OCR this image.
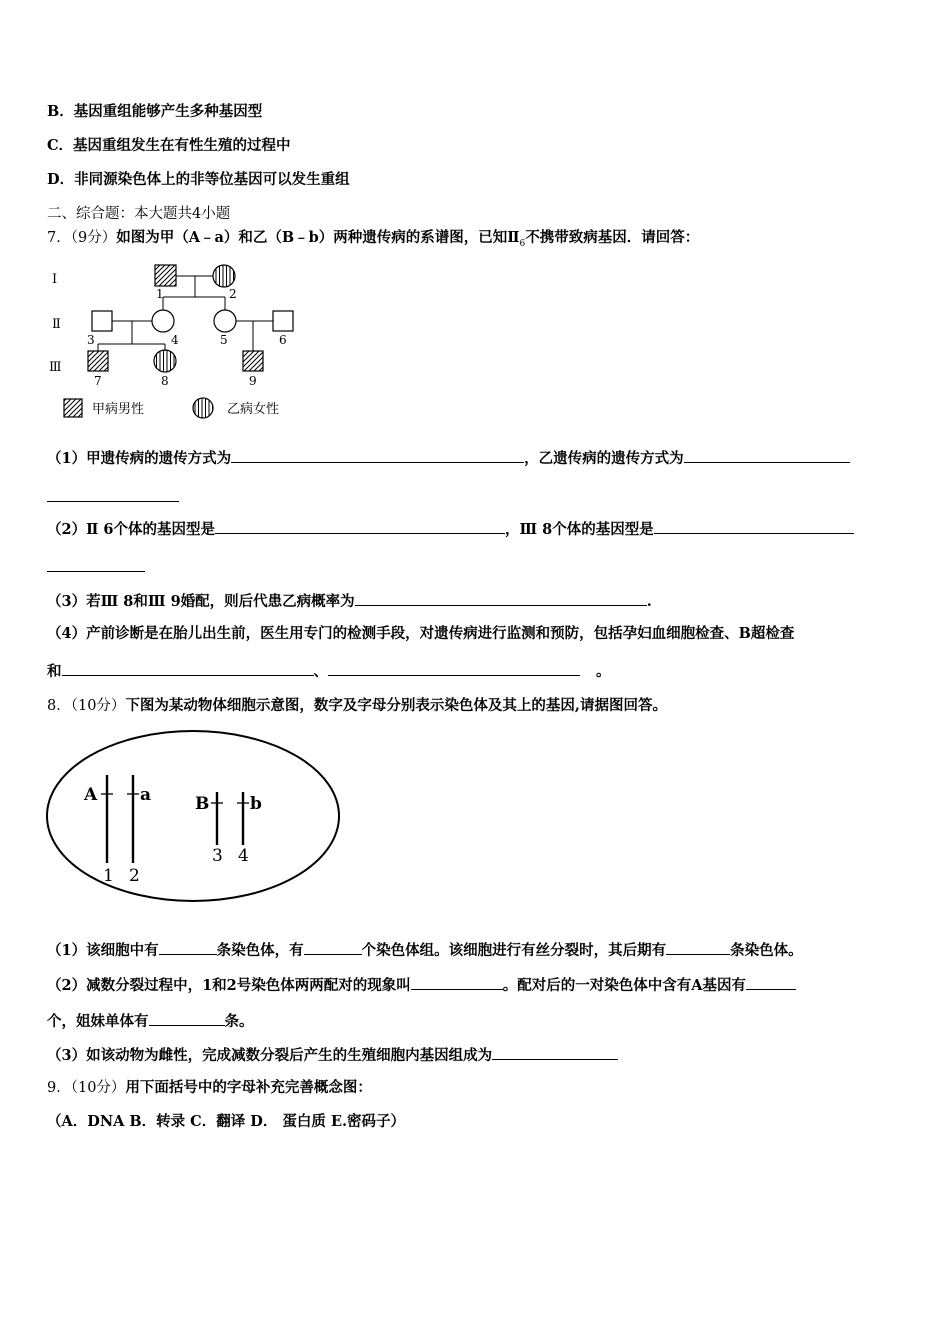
B．基因重组能够产生多种基因型
C．基因重组发生在有性生殖的过程中
D．非同源染色体上的非等位基因可以发生重组
二、综合题：本大题共4小题
7．（9分）如图为甲（A﹣a）和乙（B﹣b）两种遗传病的系谱图，已知$Ⅱ_6$不携带致病基因．请回答：
Ⅰ
Ⅱ
Ⅲ
1	2
3	4	5	6
7	8	9
甲病男性	乙病女性
（1）甲遗传病的遗传方式为	，乙遗传病的遗传方式为
（2）Ⅱ 6个体的基因型是	，Ⅲ 8个体的基因型是
（3）若Ⅲ 8和Ⅲ 9婚配，则后代患乙病概率为	.
（4）产前诊断是在胎儿出生前，医生用专门的检测手段，对遗传病进行监测和预防，包括孕妇血细胞检查、B超检查
和	、	。
8．（10分）下图为某动物体细胞示意图，数字及字母分别表示染色体及其上的基因,请据图回答。
A	a	B b
1 2
3 4
（1）该细胞中有	条染色体，有	个染色体组。该细胞进行有丝分裂时，其后期有	条染色体。
（2）减数分裂过程中，1和2号染色体两两配对的现象叫	。配对后的一对染色体中含有A基因有
个，姐妹单体有	条。
（3）如该动物为雌性，完成减数分裂后产生的生殖细胞内基因组成为
9．（10分）用下面括号中的字母补充完善概念图：
（A．DNA B．转录 C．翻译 D． 蛋白质 E.密码子）
